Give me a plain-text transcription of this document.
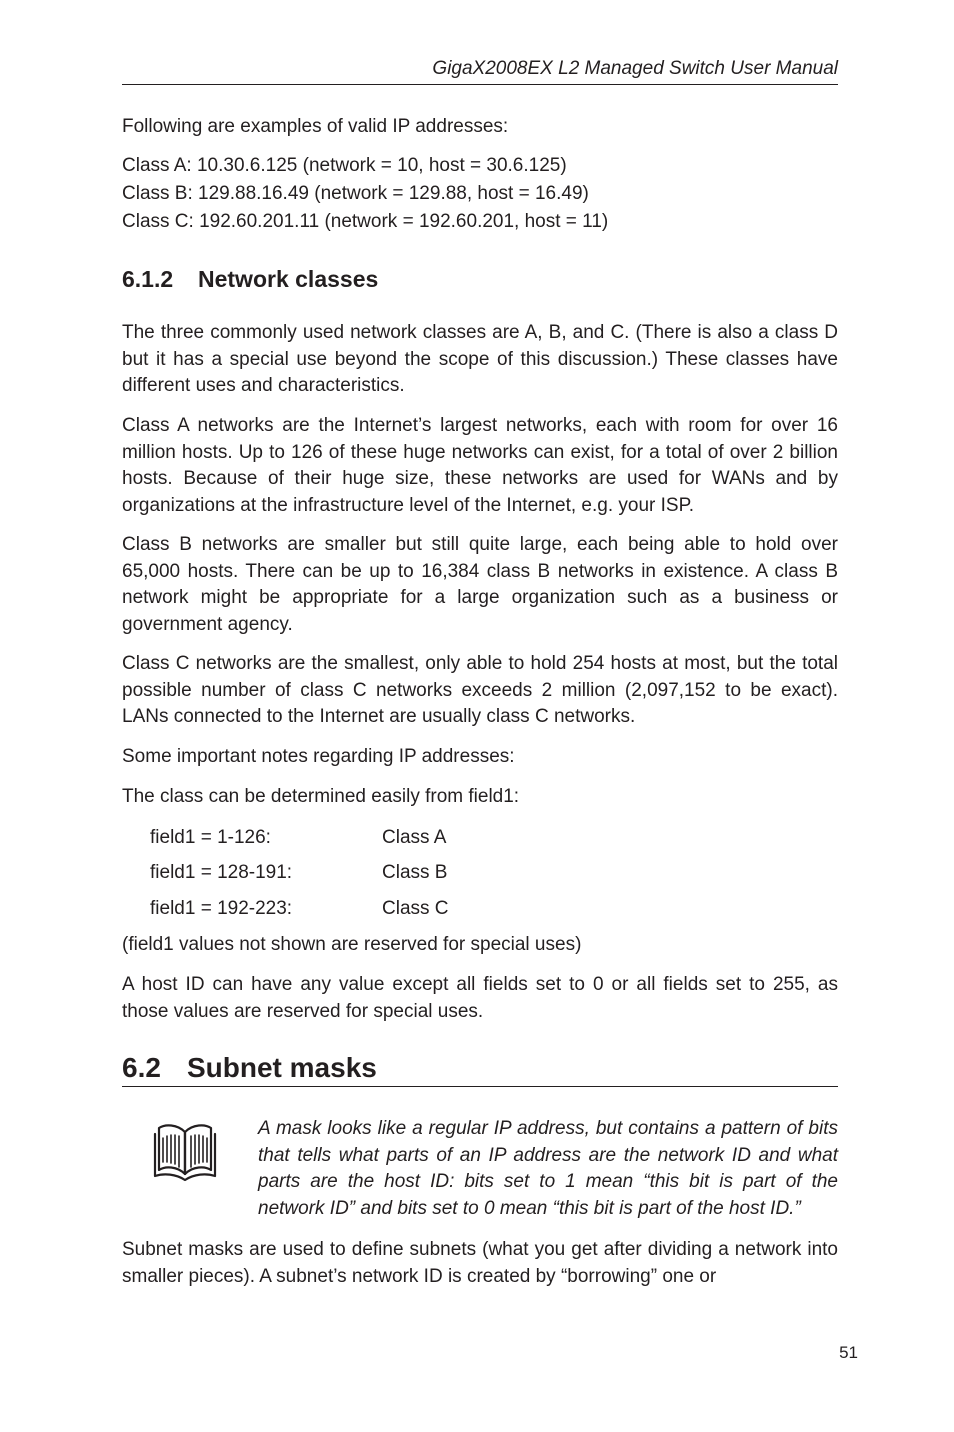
GigaX2008EX L2 Managed Switch User Manual

Following are examples of valid IP addresses:

Class A: 10.30.6.125 (network = 10, host = 30.6.125)
Class B: 129.88.16.49 (network = 129.88, host = 16.49)
Class C: 192.60.201.11 (network = 192.60.201, host = 11)
6.1.2 Network classes

The three commonly used network classes are A, B, and C. (There is also a class D but it has a special use beyond the scope of this discussion.) These classes have different uses and characteristics.

Class A networks are the Internet’s largest networks, each with room for over 16 million hosts. Up to 126 of these huge networks can exist, for a total of over 2 billion hosts. Because of their huge size, these networks are used for WANs and by organizations at the infrastructure level of the Internet, e.g. your ISP.

Class B networks are smaller but still quite large, each being able to hold over 65,000 hosts. There can be up to 16,384 class B networks in existence. A class B network might be appropriate for a large organization such as a business or government agency.

Class C networks are the smallest, only able to hold 254 hosts at most, but the total possible number of class C networks exceeds 2 million (2,097,152 to be exact). LANs connected to the Internet are usually class C networks.

Some important notes regarding IP addresses:

The class can be determined easily from field1:

field1 = 1-126:	Class A
field1 = 128-191:	Class B
field1 = 192-223:	Class C

(field1 values not shown are reserved for special uses)

A host ID can have any value except all fields set to 0 or all fields set to 255, as those values are reserved for special uses.

6.2 Subnet masks

A mask looks like a regular IP address, but contains a pattern of bits that tells what parts of an IP address are the network ID and what parts are the host ID: bits set to 1 mean “this bit is part of the network ID” and bits set to 0 mean “this bit is part of the host ID.”

Subnet masks are used to define subnets (what you get after dividing a network into smaller pieces). A subnet’s network ID is created by “borrowing” one or

51
